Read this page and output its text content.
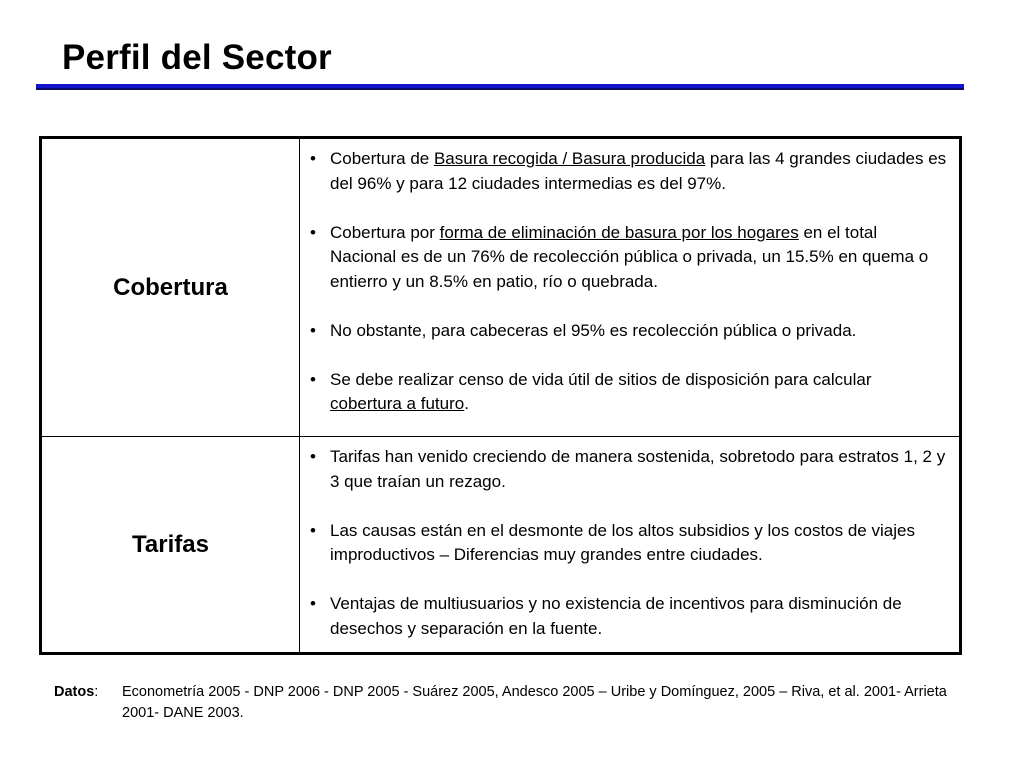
Perfil del Sector
Cobertura
• Cobertura de Basura recogida / Basura producida para las 4 grandes ciudades es del 96% y para 12 ciudades intermedias es del 97%.
• Cobertura por forma de eliminación de basura por los hogares en el total Nacional es de un 76% de recolección pública o privada, un 15.5% en quema o entierro y un 8.5% en patio, río o quebrada.
• No obstante, para cabeceras el 95% es recolección pública o privada.
• Se debe realizar censo de vida útil de sitios de disposición para calcular cobertura a futuro.
Tarifas
• Tarifas han venido creciendo de manera sostenida, sobretodo para estratos 1, 2 y 3 que traían un rezago.
• Las causas están en el desmonte de los altos subsidios y los costos de viajes improductivos – Diferencias muy grandes entre ciudades.
• Ventajas de multiusuarios y no existencia de incentivos para disminución de desechos y separación en la fuente.
Datos:	Econometría 2005 - DNP 2006 - DNP 2005 - Suárez 2005, Andesco 2005 – Uribe y Domínguez, 2005 – Riva, et al. 2001- Arrieta 2001- DANE 2003.
